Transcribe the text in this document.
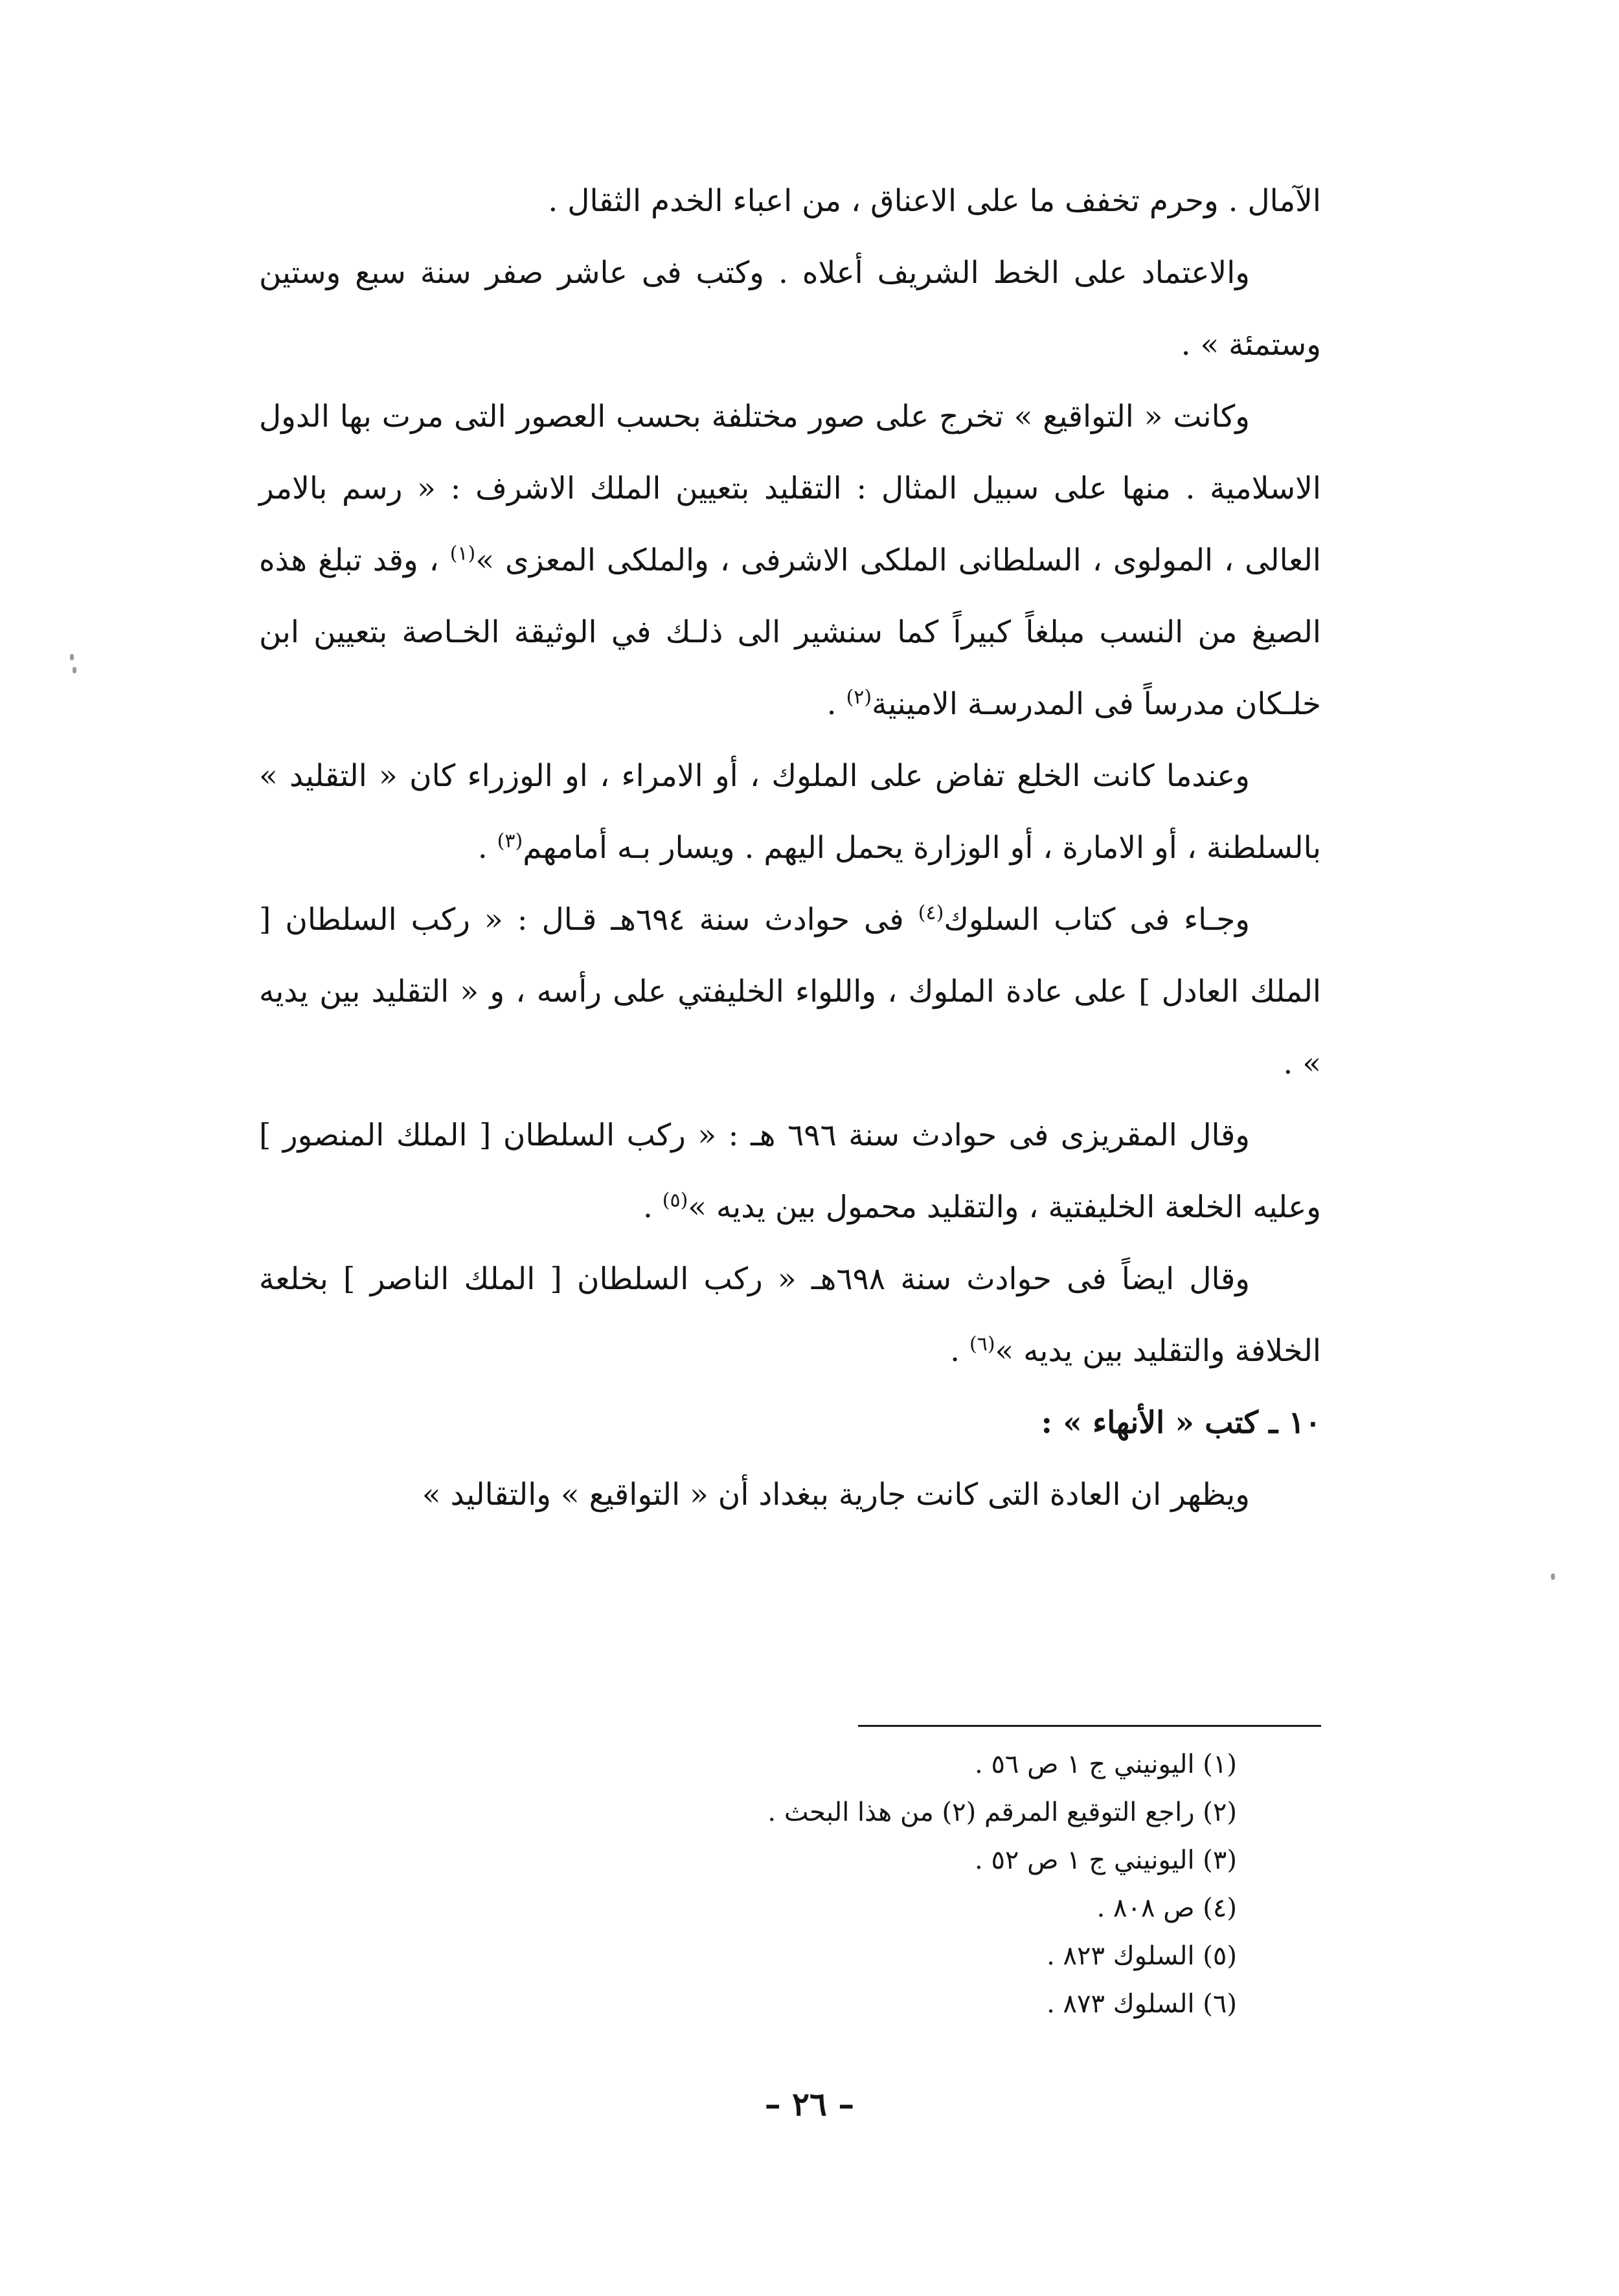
الآمال . وحرم تخفف ما على الاعناق ، من اعباء الخدم الثقال .

والاعتماد على الخط الشريف أعلاه . وكتب فى عاشر صفر سنة سبع وستين وستمئة » .

وكانت « التواقيع » تخرج على صور مختلفة بحسب العصور التى مرت بها الدول الاسلامية . منها على سبيل المثال : التقليد بتعيين الملك الاشرف : « رسم بالامر العالى ، المولوى ، السلطانى الملكى الاشرفى ، والملكى المعزى »$^{(١)}$ ، وقد تبلغ هذه الصيغ من النسب مبلغاً كبيراً كما سنشير الى ذلـك في الوثيقة الخـاصة بتعيين ابن خلـكان مدرساً فى المدرسـة الامينية$^{(٢)}$ .

وعندما كانت الخلع تفاض على الملوك ، أو الامراء ، او الوزراء كان « التقليد » بالسلطنة ، أو الامارة ، أو الوزارة يحمل اليهم . ويسار بـه أمامهم$^{(٣)}$ .

وجـاء فى كتاب السلوك$^{(٤)}$ فى حوادث سنة ٦٩٤هـ قـال : « ركب السلطان [ الملك العادل ] على عادة الملوك ، واللواء الخليفتي على رأسه ، و « التقليد بين يديه » .

وقال المقريزى فى حوادث سنة ٦٩٦ هـ : « ركب السلطان [ الملك المنصور ] وعليه الخلعة الخليفتية ، والتقليد محمول بين يديه »$^{(٥)}$ .

وقال ايضاً فى حوادث سنة ٦٩٨هـ « ركب السلطان [ الملك الناصر ] بخلعة الخلافة والتقليد بين يديه »$^{(٦)}$ .

١٠ ـ كتب « الأنهاء » :

ويظهر ان العادة التى كانت جارية ببغداد أن « التواقيع » والتقاليد »

(١) اليونيني ج ١ ص ٥٦ .
(٢) راجع التوقيع المرقم (٢) من هذا البحث .
(٣) اليونيني ج ١ ص ٥٢ .
(٤) ص ٨٠٨ .
(٥) السلوك ٨٢٣ .
(٦) السلوك ٨٧٣ .
– ٢٦ –
